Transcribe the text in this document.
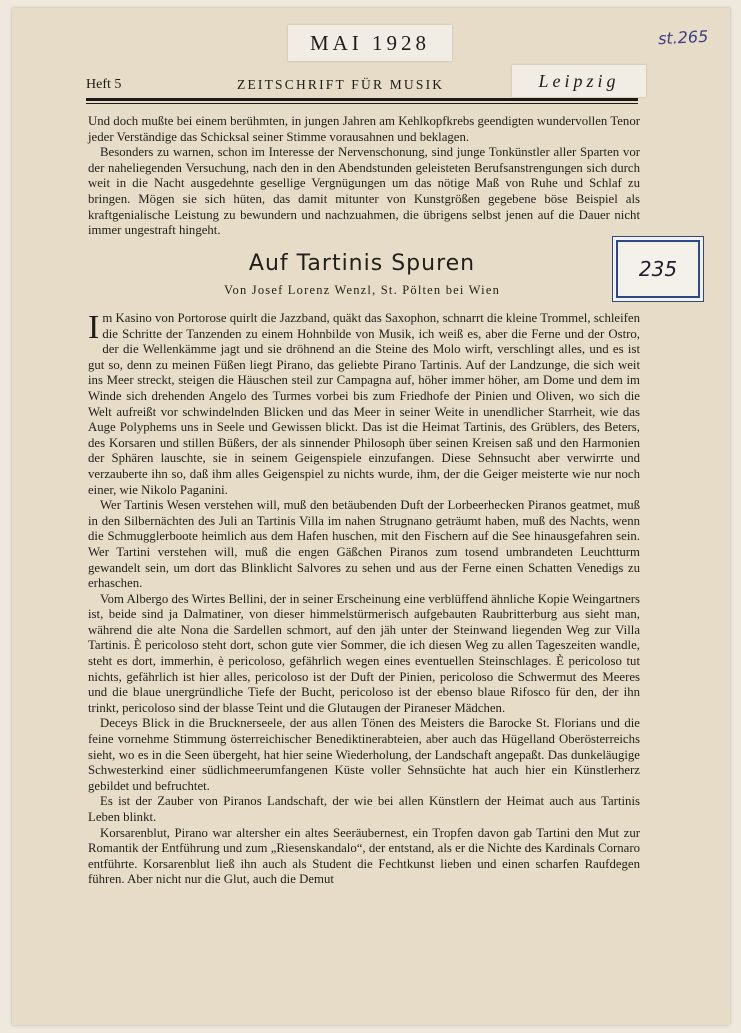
MAI 1928	st.265
Heft 5	ZEITSCHRIFT FÜR MUSIK	Leipzig

Und doch mußte bei einem berühmten, in jungen Jahren am Kehlkopfkrebs geendigten wundervollen Tenor jeder Verständige das Schicksal seiner Stimme vorausahnen und beklagen.

Besonders zu warnen, schon im Interesse der Nervenschonung, sind junge Tonkünstler aller Sparten vor der naheliegenden Versuchung, nach den in den Abendstunden geleisteten Berufsanstrengungen sich durch weit in die Nacht ausgedehnte gesellige Vergnügungen um das nötige Maß von Ruhe und Schlaf zu bringen. Mögen sie sich hüten, das damit mitunter von Kunstgrößen gegebene böse Beispiel als kraftgenialische Leistung zu bewundern und nachzuahmen, die übrigens selbst jenen auf die Dauer nicht immer ungestraft hingeht.

Auf Tartinis Spuren
Von Josef Lorenz Wenzl, St. Pölten bei Wien
235

Im Kasino von Portorose quirlt die Jazzband, quäkt das Saxophon, schnarrt die kleine Trommel, schleifen die Schritte der Tanzenden zu einem Hohnbilde von Musik, ich weiß es, aber die Ferne und der Ostro, der die Wellenkämme jagt und sie dröhnend an die Steine des Molo wirft, verschlingt alles, und es ist gut so, denn zu meinen Füßen liegt Pirano, das geliebte Pirano Tartinis. Auf der Landzunge, die sich weit ins Meer streckt, steigen die Häuschen steil zur Campagna auf, höher immer höher, am Dome und dem im Winde sich drehenden Angelo des Turmes vorbei bis zum Friedhofe der Pinien und Oliven, wo sich die Welt aufreißt vor schwindelnden Blicken und das Meer in seiner Weite in unendlicher Starrheit, wie das Auge Polyphems uns in Seele und Gewissen blickt. Das ist die Heimat Tartinis, des Grüblers, des Beters, des Korsaren und stillen Büßers, der als sinnender Philosoph über seinen Kreisen saß und den Harmonien der Sphären lauschte, sie in seinem Geigenspiele einzufangen. Diese Sehnsucht aber verwirrte und verzauberte ihn so, daß ihm alles Geigenspiel zu nichts wurde, ihm, der die Geiger meisterte wie nur noch einer, wie Nikolo Paganini.

Wer Tartinis Wesen verstehen will, muß den betäubenden Duft der Lorbeerhecken Piranos geatmet, muß in den Silbernächten des Juli an Tartinis Villa im nahen Strugnano geträumt haben, muß des Nachts, wenn die Schmugglerboote heimlich aus dem Hafen huschen, mit den Fischern auf die See hinausgefahren sein. Wer Tartini verstehen will, muß die engen Gäßchen Piranos zum tosend umbrandeten Leuchtturm gewandelt sein, um dort das Blinklicht Salvores zu sehen und aus der Ferne einen Schatten Venedigs zu erhaschen.

Vom Albergo des Wirtes Bellini, der in seiner Erscheinung eine verblüffend ähnliche Kopie Weingartners ist, beide sind ja Dalmatiner, von dieser himmelstürmerisch aufgebauten Raubritterburg aus sieht man, während die alte Nona die Sardellen schmort, auf den jäh unter der Steinwand liegenden Weg zur Villa Tartinis. È pericoloso steht dort, schon gute vier Sommer, die ich diesen Weg zu allen Tageszeiten wandle, steht es dort, immerhin, è pericoloso, gefährlich wegen eines eventuellen Steinschlages. È pericoloso tut nichts, gefährlich ist hier alles, pericoloso ist der Duft der Pinien, pericoloso die Schwermut des Meeres und die blaue unergründliche Tiefe der Bucht, pericoloso ist der ebenso blaue Rifosco für den, der ihn trinkt, pericoloso sind der blasse Teint und die Glutaugen der Piraneser Mädchen.

Deceys Blick in die Brucknerseele, der aus allen Tönen des Meisters die Barocke St. Florians und die feine vornehme Stimmung österreichischer Benediktinerabteien, aber auch das Hügelland Oberösterreichs sieht, wo es in die Seen übergeht, hat hier seine Wiederholung, der Landschaft angepaßt. Das dunkeläugige Schwesterkind einer südlichmeerumfangenen Küste voller Sehnsüchte hat auch hier ein Künstlerherz gebildet und befruchtet.

Es ist der Zauber von Piranos Landschaft, der wie bei allen Künstlern der Heimat auch aus Tartinis Leben blinkt.

Korsarenblut, Pirano war altersher ein altes Seeräubernest, ein Tropfen davon gab Tartini den Mut zur Romantik der Entführung und zum „Riesenskandalo“, der entstand, als er die Nichte des Kardinals Cornaro entführte. Korsarenblut ließ ihn auch als Student die Fechtkunst lieben und einen scharfen Raufdegen führen. Aber nicht nur die Glut, auch die Demut
